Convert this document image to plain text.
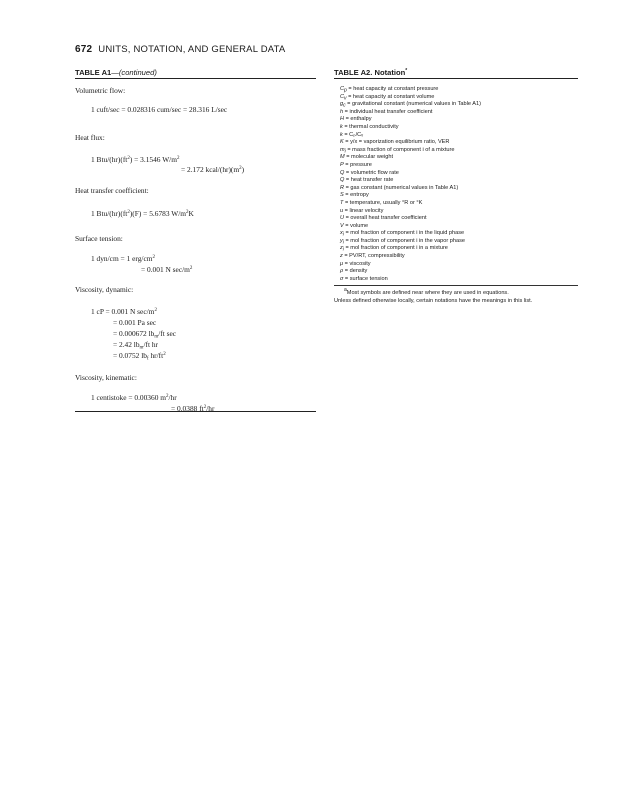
672 UNITS, NOTATION, AND GENERAL DATA
TABLE A1—(continued)
Volumetric flow:
1 cuft/sec = 0.028316 cum/sec = 28.316 L/sec
Heat flux:
1 Btu/$(hr)(ft^2) = 3.1546$ $W/m^2$
= 2.172 kcal/$(hr)(m^2)$
Heat transfer coefficient:
1 Btu/$(hr)(ft^2)(F) = 5.6783$ $W/m^2K$
Surface tension:
1 dyn/cm = 1 erg/$cm^2$
= 0.001 N $\sec/m^2$
Viscosity, dynamic:
1 cP = 0.001 N $\sec/m^2$
= 0.001 Pa sec
= 0.000672 $lb_m/ft$ sec
= 2.42 $lb_m/ft$ hr
= 0.0752 $lb_f$ $hr/ft^2$
Viscosity, kinematic:
1 centistoke = 0.00360 $m^2/hr$
= 0.0388 $ft^2/hr$
TABLE A2. Notation*
$C_p$ = heat capacity at constant pressure
$C_v$ = heat capacity at constant volume
$g_c$ = gravitational constant (numerical values in Table A1)
h = individual heat transfer coefficient
H = enthalpy
k = thermal conductivity
k = Cₚ/Cᵥ
K = y/x = vaporization equilibrium ratio, VER
$m_i$ = mass fraction of component i of a mixture
M = molecular weight
P = pressure
Q = volumetric flow rate
Q = heat transfer rate
R = gas constant (numerical values in Table A1)
S = entropy
T = temperature, usually °R or °K
u = linear velocity
U = overall heat transfer coefficient
V = volume
$x_i$ = mol fraction of component i in the liquid phase
$y_i$ = mol fraction of component i in the vapor phase
$z_i$ = mol fraction of component i in a mixture
z = PV/RT, compressibility
μ = viscosity
ρ = density
σ = surface tension
$^a$Most symbols are defined near where they are used in equations.
Unless defined otherwise locally, certain notations have the meanings in this list.
